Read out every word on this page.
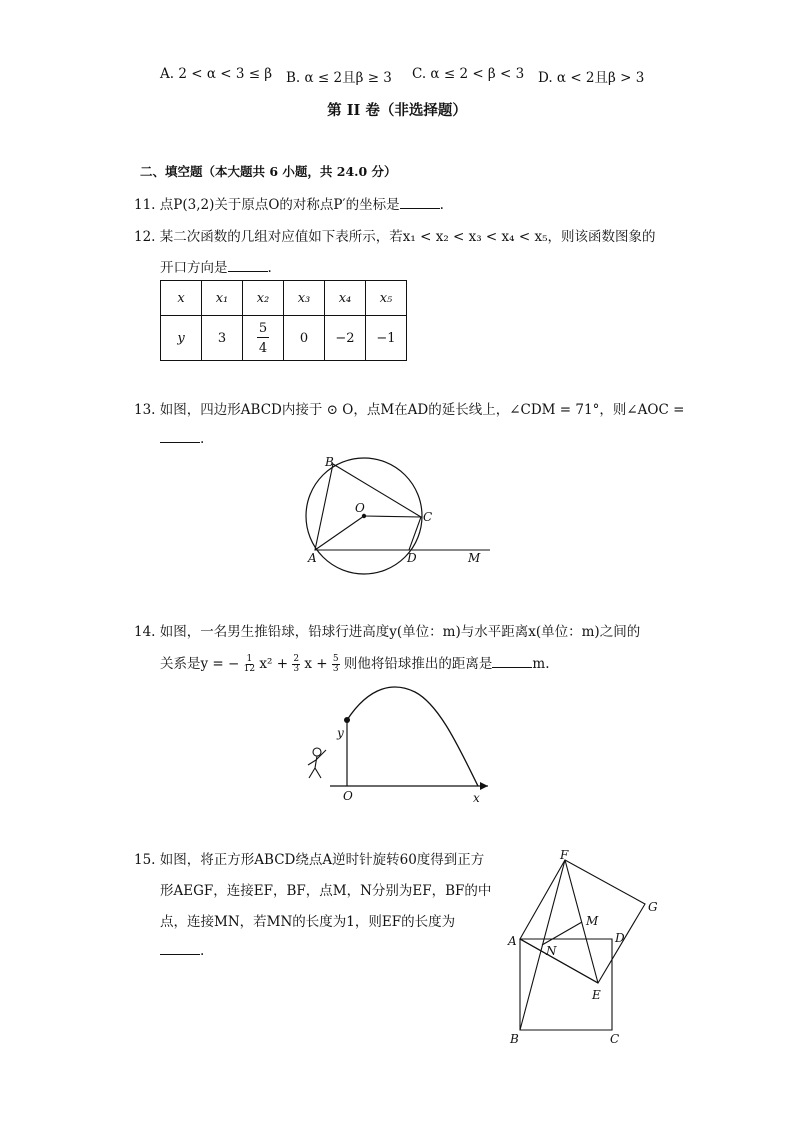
A. 2 < α < 3 ≤ β B. α ≤ 2且β ≥ 3 C. α ≤ 2 < β < 3 D. α < 2且β > 3
第 II 卷（非选择题）
二、填空题（本大题共 6 小题，共 24.0 分）
11. 点P(3,2)关于原点O的对称点P′的坐标是	.
12. 某二次函数的几组对应值如下表所示，若x₁ < x₂ < x₃ < x₄ < x₅，则该函数图象的
开口方向是	.
x	x₁	x₂	x₃	x₄	x₅
y	3	$\frac{5}{4}$	0	−2	−1
13. 如图，四边形ABCD内接于 ⊙ O，点M在AD的延长线上，∠CDM = 71°，则∠AOC =
.
B
O
C
A	D	M
14. 如图，一名男生推铅球，铅球行进高度y(单位：m)与水平距离x(单位：m)之间的
关系是y = − $\frac{1}{12} x^2 + \frac{2}{3}$ $x + \frac{5}{3}$ 则他将铅球推出的距离是	m.
y
O	x
15. 如图，将正方形ABCD绕点A逆时针旋转60度得到正方
形AEGF，连接EF，BF，点M，N分别为EF，BF的中
点，连接MN，若MN的长度为1，则EF的长度为
.
F
G
M
A
N
D
E
B	C
